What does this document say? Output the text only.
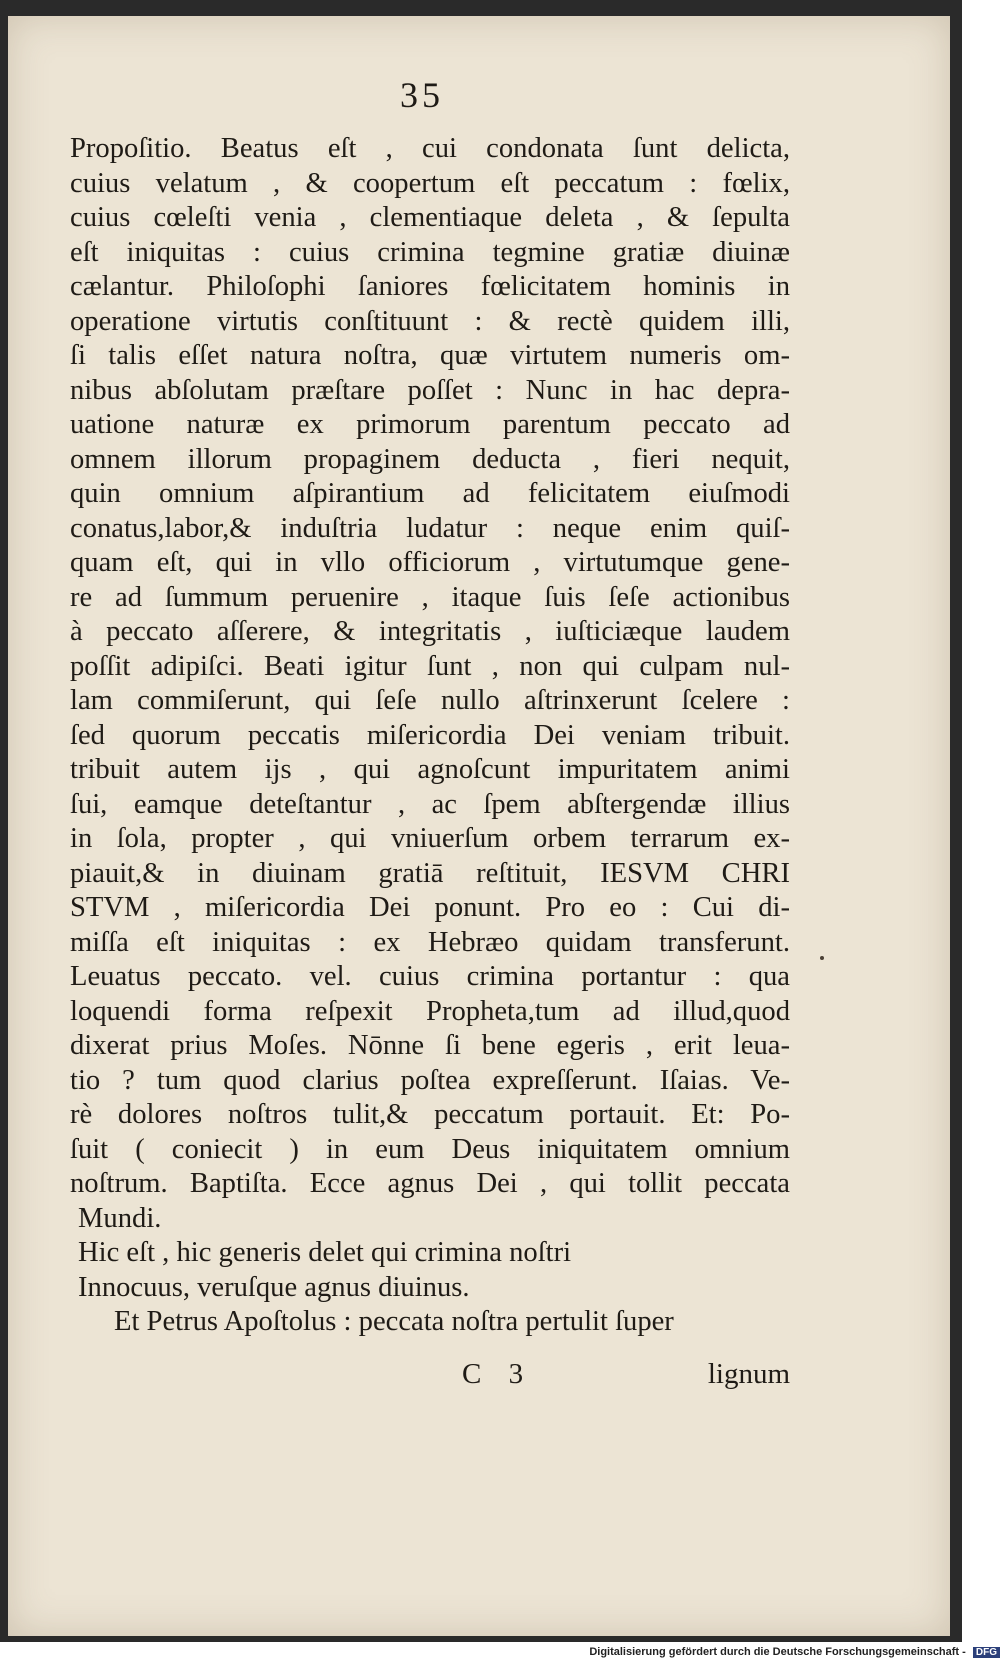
35
Propoſitio. Beatus eſt , cui condonata ſunt delicta,
cuius velatum , & coopertum eſt peccatum : fœlix,
cuius cœleſti venia , clementiaque deleta , & ſepulta
eſt iniquitas : cuius crimina tegmine gratiæ diuinæ
cælantur. Philoſophi ſaniores fœlicitatem hominis in
operatione virtutis conſtituunt : & rectè quidem illi,
ſi talis eſſet natura noſtra, quæ virtutem numeris om-
nibus abſolutam præſtare poſſet : Nunc in hac depra-
uatione naturæ ex primorum parentum peccato ad
omnem illorum propaginem deducta , fieri nequit,
quin omnium aſpirantium ad felicitatem eiuſmodi
conatus,labor,& induſtria ludatur : neque enim quiſ-
quam eſt, qui in vllo officiorum , virtutumque gene-
re ad ſummum peruenire , itaque ſuis ſeſe actionibus
à peccato aſſerere, & integritatis , iuſticiæque laudem
poſſit adipiſci. Beati igitur ſunt , non qui culpam nul-
lam commiſerunt, qui ſeſe nullo aſtrinxerunt ſcelere :
ſed quorum peccatis miſericordia Dei veniam tribuit.
tribuit autem ijs , qui agnoſcunt impuritatem animi
ſui, eamque deteſtantur , ac ſpem abſtergendæ illius
in ſola, propter , qui vniuerſum orbem terrarum ex-
piauit,& in diuinam gratiā reſtituit, IESVM CHRI
STVM , miſericordia Dei ponunt. Pro eo : Cui di-
miſſa eſt iniquitas : ex Hebræo quidam transferunt.
Leuatus peccato. vel. cuius crimina portantur : qua
loquendi forma reſpexit Propheta,tum ad illud,quod
dixerat prius Moſes. Nōnne ſi bene egeris , erit leua-
tio ? tum quod clarius poſtea expreſſerunt. Iſaias. Ve-
rè dolores noſtros tulit,& peccatum portauit. Et: Po-
ſuit ( coniecit ) in eum Deus iniquitatem omnium
noſtrum. Baptiſta. Ecce agnus Dei , qui tollit peccata
Mundi.
Hic eſt , hic generis delet qui crimina noſtri
Innocuus, veruſque agnus diuinus.
Et Petrus Apoſtolus : peccata noſtra pertulit ſuper
C 3	lignum
Digitalisierung gefördert durch die Deutsche Forschungsgemeinschaft - DFG
